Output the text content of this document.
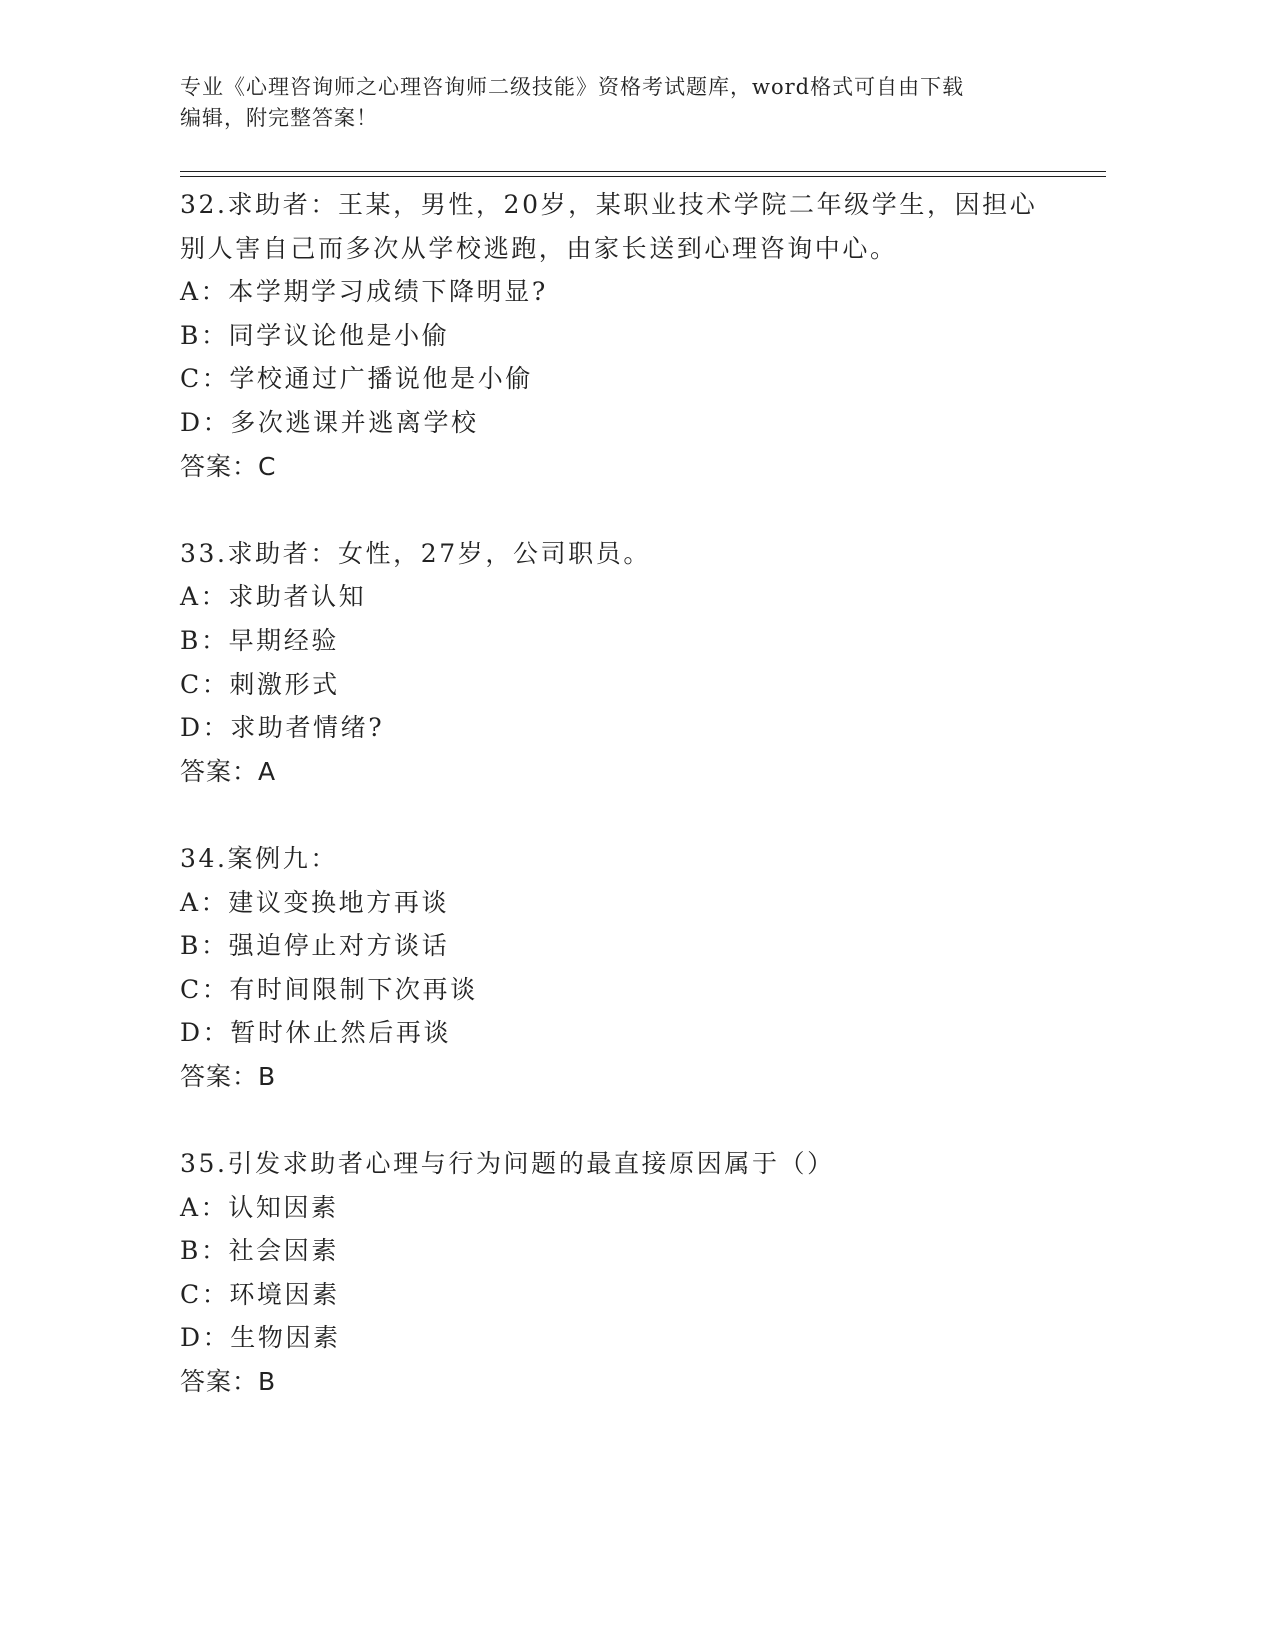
专业《心理咨询师之心理咨询师二级技能》资格考试题库，word格式可自由下载
编辑，附完整答案！
32.求助者：王某，男性，20岁，某职业技术学院二年级学生，因担心
别人害自己而多次从学校逃跑，由家长送到心理咨询中心。
A：本学期学习成绩下降明显?
B：同学议论他是小偷
C：学校通过广播说他是小偷
D：多次逃课并逃离学校
答案：C
33.求助者：女性，27岁，公司职员。
A：求助者认知
B：早期经验
C：刺激形式
D：求助者情绪?
答案：A
34.案例九：
A：建议变换地方再谈
B：强迫停止对方谈话
C：有时间限制下次再谈
D：暂时休止然后再谈
答案：B
35.引发求助者心理与行为问题的最直接原因属于（）
A：认知因素
B：社会因素
C：环境因素
D：生物因素
答案：B
